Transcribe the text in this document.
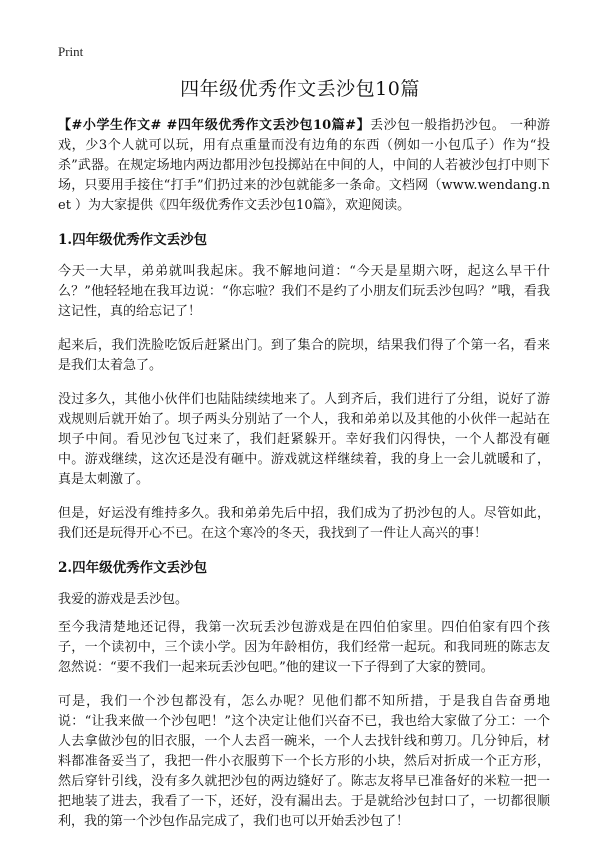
Print
四年级优秀作文丢沙包10篇

【#小学生作文# #四年级优秀作文丢沙包10篇#】丢沙包一般指扔沙包。 一种游戏，少3个人就可以玩，用有点重量而没有边角的东西（例如一小包瓜子）作为“投杀”武器。在规定场地内两边都用沙包投掷站在中间的人，中间的人若被沙包打中则下场，只要用手接住“打手”们扔过来的沙包就能多一条命。文档网（www.wendang.net ）为大家提供《四年级优秀作文丢沙包10篇》，欢迎阅读。

1.四年级优秀作文丢沙包

今天一大早，弟弟就叫我起床。我不解地问道：“今天是星期六呀，起这么早干什么？”他轻轻地在我耳边说：“你忘啦？我们不是约了小朋友们玩丢沙包吗？”哦，看我这记性，真的给忘记了！

起来后，我们洗脸吃饭后赶紧出门。到了集合的院坝，结果我们得了个第一名，看来是我们太着急了。

没过多久，其他小伙伴们也陆陆续续地来了。人到齐后，我们进行了分组，说好了游戏规则后就开始了。坝子两头分别站了一个人，我和弟弟以及其他的小伙伴一起站在坝子中间。看见沙包飞过来了，我们赶紧躲开。幸好我们闪得快，一个人都没有砸中。游戏继续，这次还是没有砸中。游戏就这样继续着，我的身上一会儿就暖和了，真是太刺激了。

但是，好运没有维持多久。我和弟弟先后中招，我们成为了扔沙包的人。尽管如此，我们还是玩得开心不已。在这个寒冷的冬天，我找到了一件让人高兴的事！

2.四年级优秀作文丢沙包

我爱的游戏是丢沙包。

至今我清楚地还记得，我第一次玩丢沙包游戏是在四伯伯家里。四伯伯家有四个孩子，一个读初中，三个读小学。因为年龄相仿，我们经常一起玩。和我同班的陈志友忽然说：“要不我们一起来玩丢沙包吧。”他的建议一下子得到了大家的赞同。

可是，我们一个沙包都没有，怎么办呢？见他们都不知所措，于是我自告奋勇地说：“让我来做一个沙包吧！”这个决定让他们兴奋不已，我也给大家做了分工：一个人去拿做沙包的旧衣服，一个人去舀一碗米，一个人去找针线和剪刀。几分钟后，材料都准备妥当了，我把一件小衣服剪下一个长方形的小块，然后对折成一个正方形，然后穿针引线，没有多久就把沙包的两边缝好了。陈志友将早已准备好的米粒一把一把地装了进去，我看了一下，还好，没有漏出去。于是就给沙包封口了，一切都很顺利，我的第一个沙包作品完成了，我们也可以开始丢沙包了！
